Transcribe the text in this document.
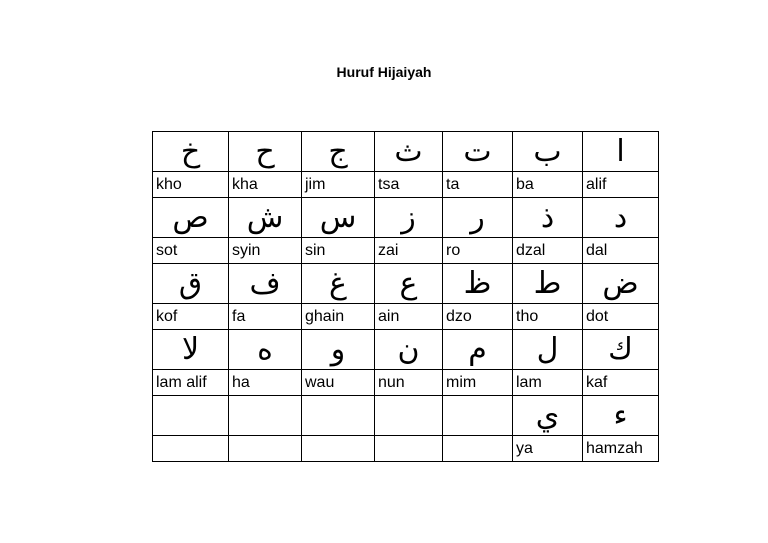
Huruf Hijaiyah
خ	ح	ج	ث	ت	ب	ا
kho	kha	jim	tsa	ta	ba	alif
ص	ش	س	ز	ر	ذ	د
sot	syin	sin	zai	ro	dzal	dal
ق	ف	غ	ع	ظ	ط	ض
kof	fa	ghain	ain	dzo	tho	dot
لا	ه	و	ن	م	ل	ك
lam alif	ha	wau	nun	mim	lam	kaf
					ي	ء
					ya	hamzah
